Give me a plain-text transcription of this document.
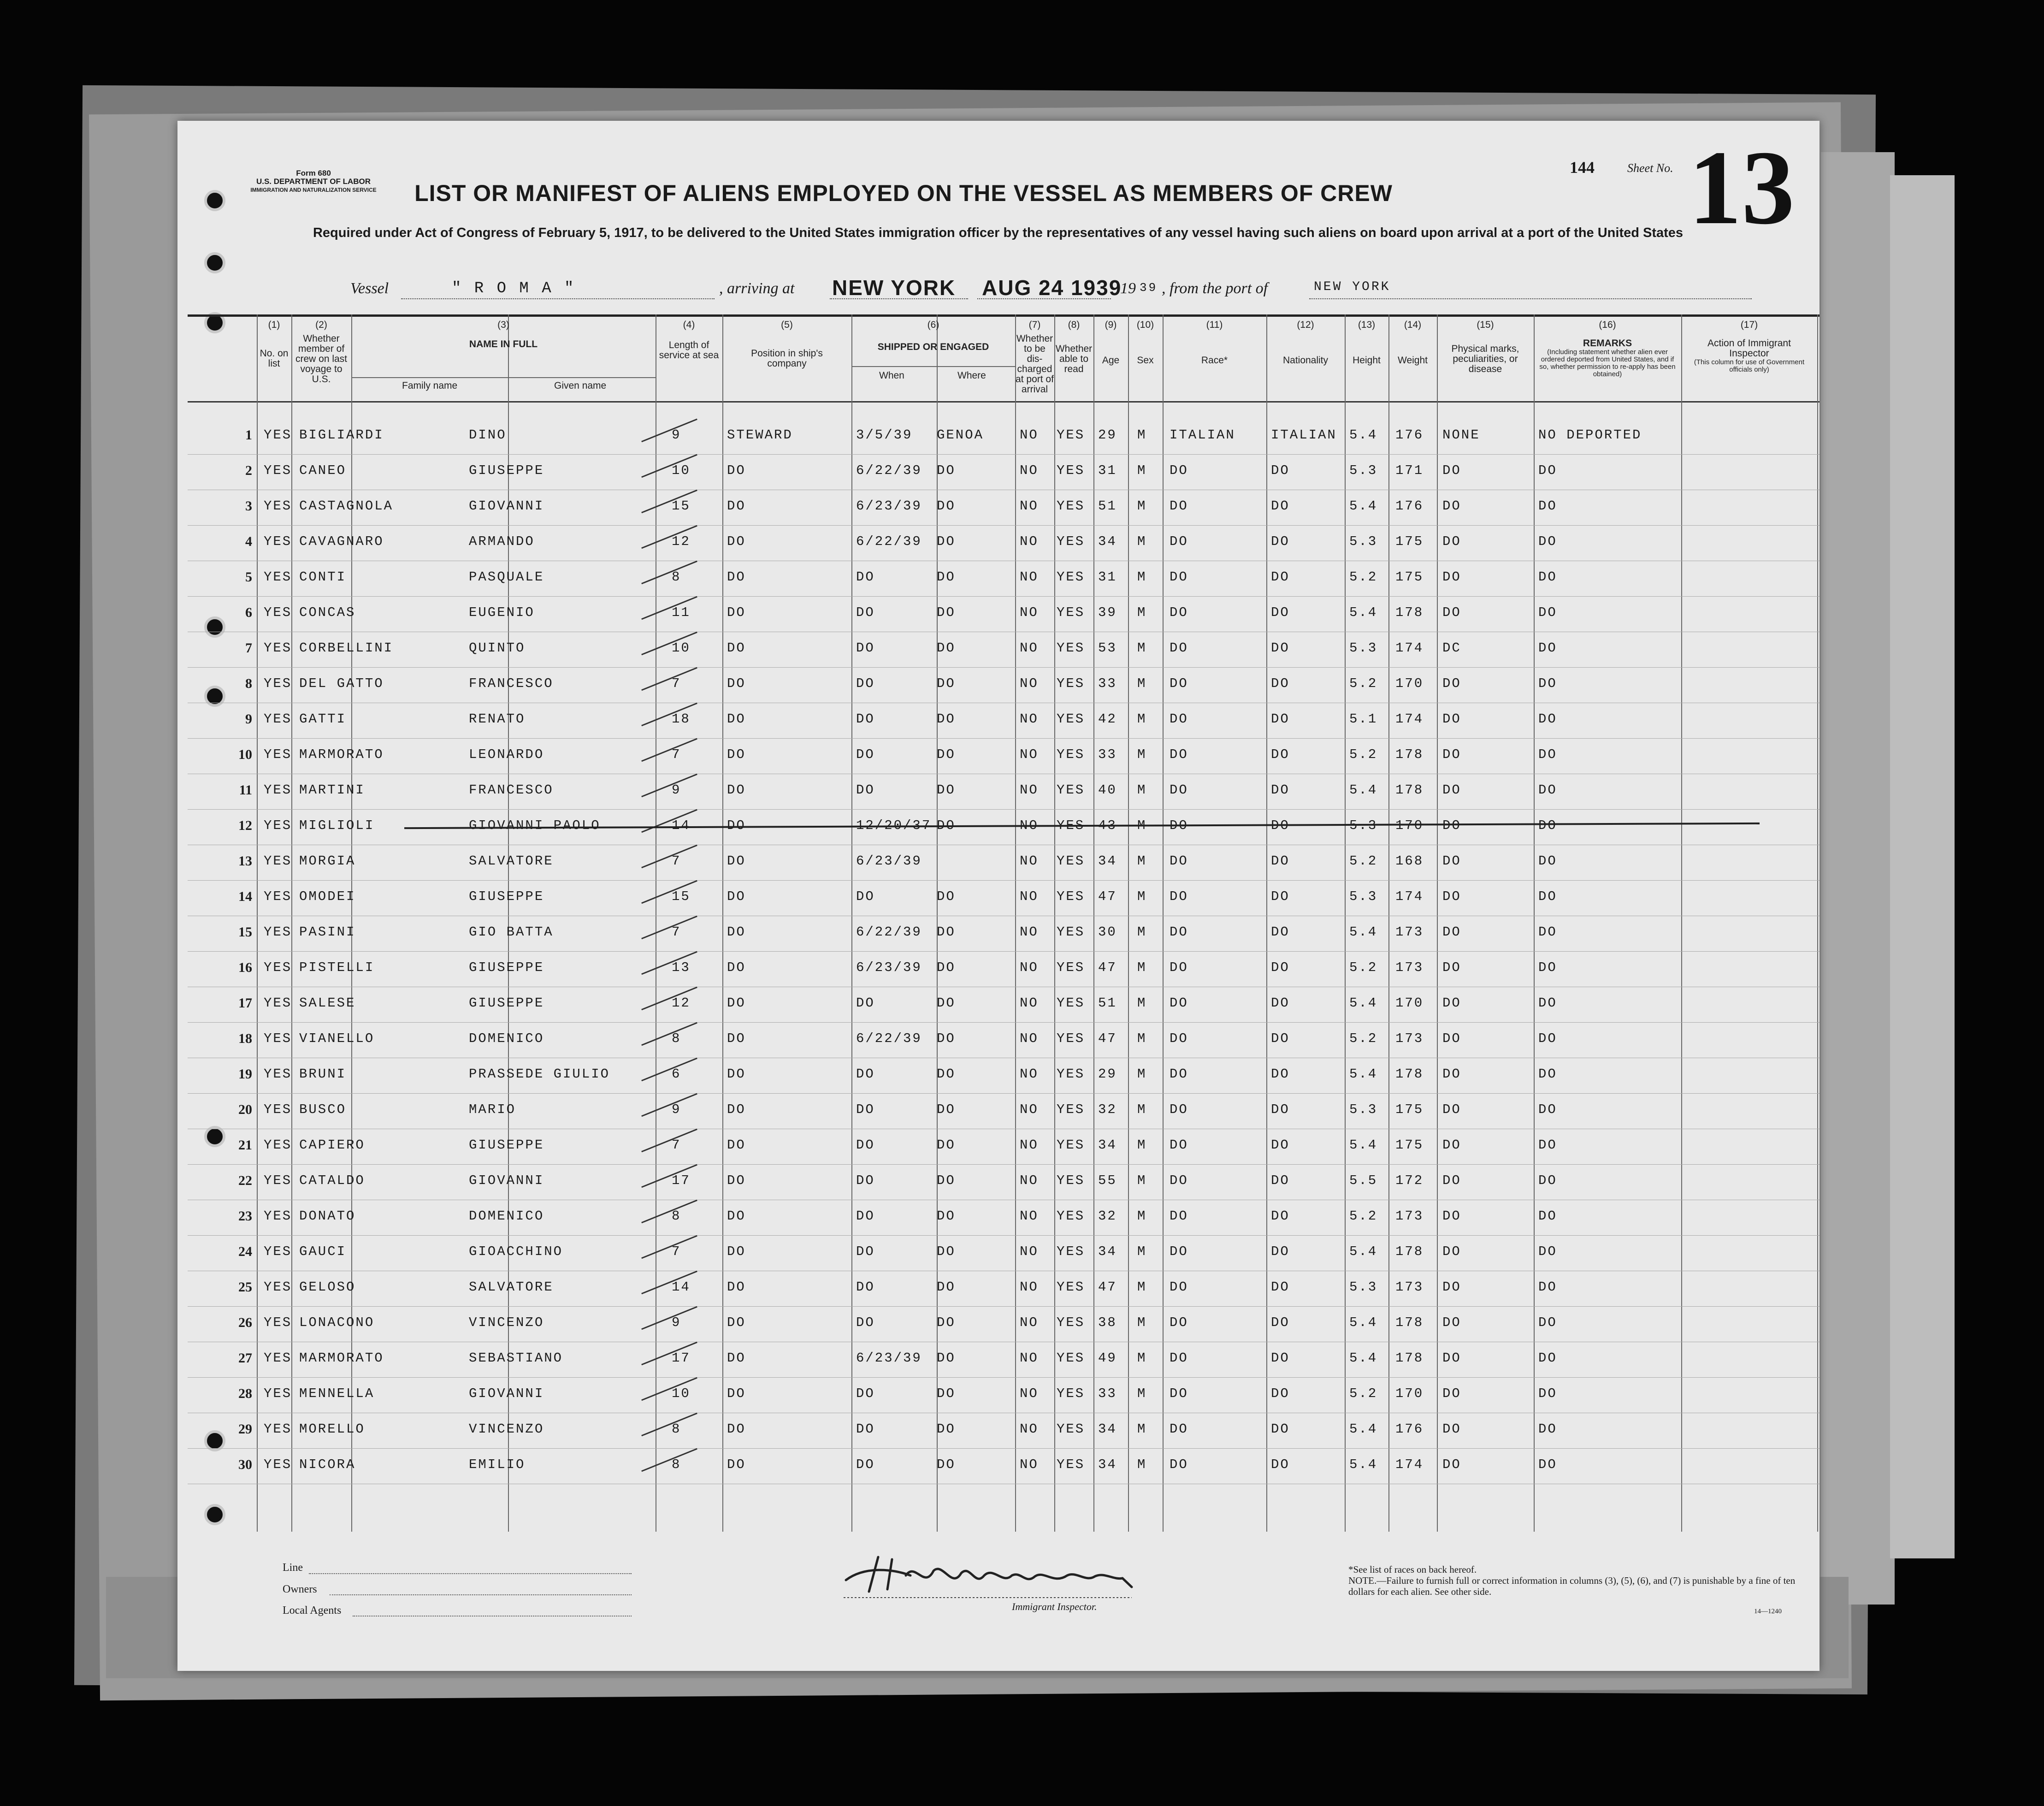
Form 680
U.S. DEPARTMENT OF LABOR
IMMIGRATION AND NATURALIZATION SERVICE
144	Sheet No. 13
LIST OR MANIFEST OF ALIENS EMPLOYED ON THE VESSEL AS MEMBERS OF CREW
Required under Act of Congress of February 5, 1917, to be delivered to the United States immigration officer by the representatives of any vessel having such aliens on board upon arrival at a port of the United States
Vessel	" R O M A "	, arriving at NEW YORK AUG 24 1939
19 39 , from the port of	NEW YORK
(1)
No. on list
(2)
Whether member of crew on last voyage to U.S.
(3)
NAME IN FULL
Family name	Given name
(4)
Length of service at sea
(5)
Position in ship's company
(6)
SHIPPED OR ENGAGED
When	Where
(7)
Whether to be dis-charged at port of arrival
(8)
Whether able to read
(9)
Age
(10)
Sex
(11)
Race*
(12)
Nationality
(13)
Height
(14)
Weight
(15)
Physical marks, peculiarities, or disease
(16)
REMARKS
(Including statement whether alien ever ordered deported from United States, and if so, whether permission to re-apply has been obtained)
(17)
Action of Immigrant Inspector
(This column for use of Government officials only)
1 YES BIGLIARDI	DINO	9	STEWARD	3/5/39 GENOA	NO YES 29 M ITALIAN	ITALIAN 5.4 176 NONE	NO DEPORTED
2 YES CANEO	GIUSEPPE	10	DO	6/22/39 DO	NO YES 31 M DO	DO	5.3 171 DO	DO
3 YES CASTAGNOLA	GIOVANNI	15	DO	6/23/39 DO	NO YES 51 M DO	DO	5.4 176 DO	DO
4 YES CAVAGNARO	ARMANDO	12	DO	6/22/39 DO	NO YES 34 M DO	DO	5.3 175 DO	DO
5 YES CONTI	PASQUALE	8	DO	DO	DO	NO YES 31 M DO	DO	5.2 175 DO	DO
6 YES CONCAS	EUGENIO	11	DO	DO	DO	NO YES 39 M DO	DO	5.4 178 DO	DO
7 YES CORBELLINI	QUINTO	10	DO	DO	DO	NO YES 53 M DO	DO	5.3 174 DC	DO
8 YES DEL GATTO	FRANCESCO	7	DO	DO	DO	NO YES 33 M DO	DO	5.2 170 DO	DO
9 YES GATTI	RENATO	18	DO	DO	DO	NO YES 42 M DO	DO	5.1 174 DO	DO
10 YES MARMORATO	LEONARDO	7	DO	DO	DO	NO YES 33 M DO	DO	5.2 178 DO	DO
11 YES MARTINI	FRANCESCO	9	DO	DO	DO	NO YES 40 M DO	DO	5.4 178 DO	DO
12 YES MIGLIOLI	GIOVANNI PAOLO	14	DO	12/20/37 DO	NO YES 43 M DO	DO	5.3 170 DO	DO
13 YES MORGIA	SALVATORE	7	DO	6/23/39	NO YES 34 M DO	DO	5.2 168 DO	DO
14 YES OMODEI	GIUSEPPE	15	DO	DO	DO	NO YES 47 M DO	DO	5.3 174 DO	DO
15 YES PASINI	GIO BATTA	7	DO	6/22/39 DO	NO YES 30 M DO	DO	5.4 173 DO	DO
16 YES PISTELLI	GIUSEPPE	13	DO	6/23/39 DO	NO YES 47 M DO	DO	5.2 173 DO	DO
17 YES SALESE	GIUSEPPE	12	DO	DO	DO	NO YES 51 M DO	DO	5.4 170 DO	DO
18 YES VIANELLO	DOMENICO	8	DO	6/22/39 DO	NO YES 47 M DO	DO	5.2 173 DO	DO
19 YES BRUNI	PRASSEDE GIULIO	6	DO	DO	DO	NO YES 29 M DO	DO	5.4 178 DO	DO
20 YES BUSCO	MARIO	9	DO	DO	DO	NO YES 32 M DO	DO	5.3 175 DO	DO
21 YES CAPIERO	GIUSEPPE	7	DO	DO	DO	NO YES 34 M DO	DO	5.4 175 DO	DO
22 YES CATALDO	GIOVANNI	17	DO	DO	DO	NO YES 55 M DO	DO	5.5 172 DO	DO
23 YES DONATO	DOMENICO	8	DO	DO	DO	NO YES 32 M DO	DO	5.2 173 DO	DO
24 YES GAUCI	GIOACCHINO	7	DO	DO	DO	NO YES 34 M DO	DO	5.4 178 DO	DO
25 YES GELOSO	SALVATORE	14	DO	DO	DO	NO YES 47 M DO	DO	5.3 173 DO	DO
26 YES LONACONO	VINCENZO	9	DO	DO	DO	NO YES 38 M DO	DO	5.4 178 DO	DO
27 YES MARMORATO	SEBASTIANO	17	DO	6/23/39 DO	NO YES 49 M DO	DO	5.4 178 DO	DO
28 YES MENNELLA	GIOVANNI	10	DO	DO	DO	NO YES 33 M DO	DO	5.2 170 DO	DO
29 YES MORELLO	VINCENZO	8	DO	DO	DO	NO YES 34 M DO	DO	5.4 176 DO	DO
30 YES NICORA	EMILIO	8	DO	DO	DO	NO YES 34 M DO	DO	5.4 174 DO	DO
Line
Owners
Local Agents	Immigrant Inspector.
*See list of races on back hereof.
NOTE.—Failure to furnish full or correct information in columns (3), (5), (6), and (7) is punishable by a fine of ten dollars for each alien. See other side.
14—1240
